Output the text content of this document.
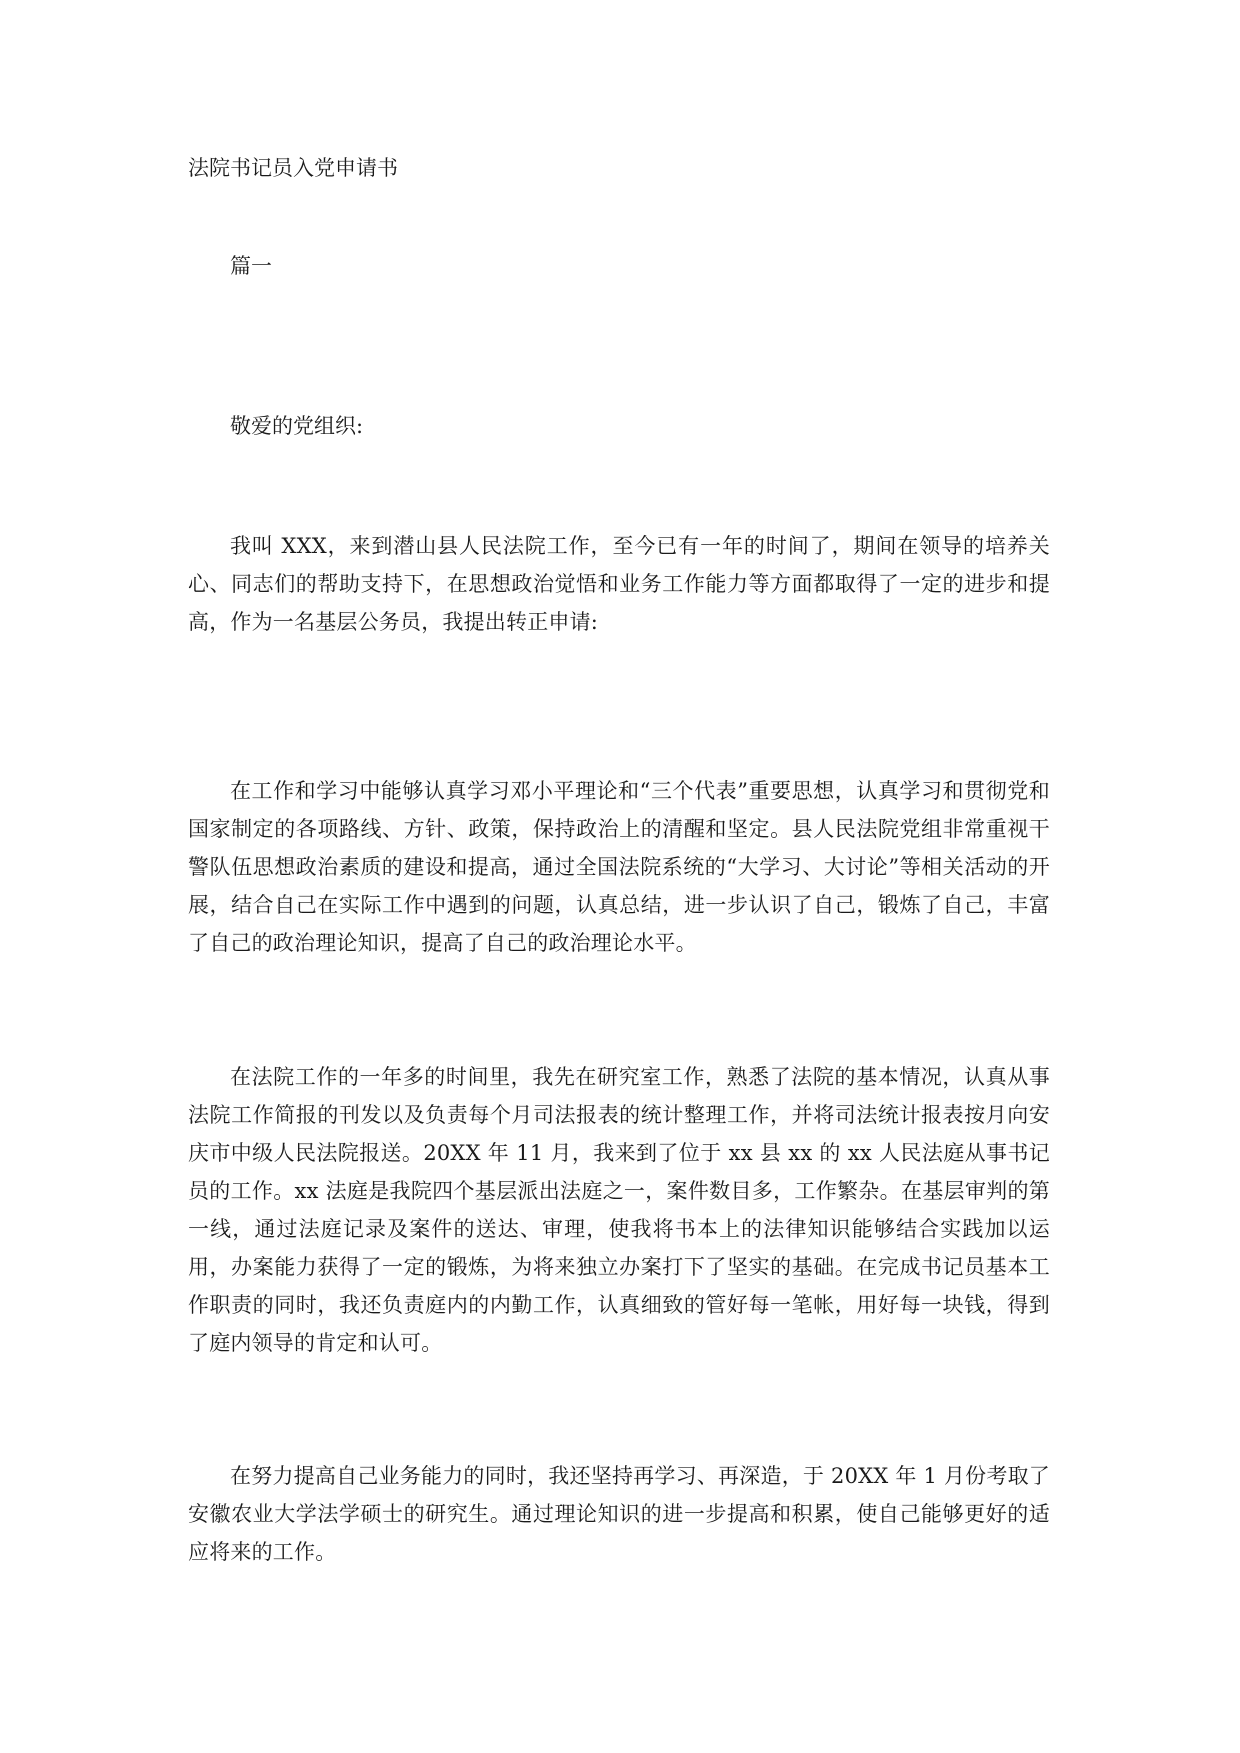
法院书记员入党申请书
篇一
敬爱的党组织:

我叫 XXX，来到潜山县人民法院工作，至今已有一年的时间了，期间在领导的培养关心、同志们的帮助支持下，在思想政治觉悟和业务工作能力等方面都取得了一定的进步和提高，作为一名基层公务员，我提出转正申请:

在工作和学习中能够认真学习邓小平理论和“三个代表”重要思想，认真学习和贯彻党和国家制定的各项路线、方针、政策，保持政治上的清醒和坚定。县人民法院党组非常重视干警队伍思想政治素质的建设和提高，通过全国法院系统的“大学习、大讨论”等相关活动的开展，结合自己在实际工作中遇到的问题，认真总结，进一步认识了自己，锻炼了自己，丰富了自己的政治理论知识，提高了自己的政治理论水平。

在法院工作的一年多的时间里，我先在研究室工作，熟悉了法院的基本情况，认真从事法院工作简报的刊发以及负责每个月司法报表的统计整理工作，并将司法统计报表按月向安庆市中级人民法院报送。20XX 年 11 月，我来到了位于 xx 县 xx 的 xx 人民法庭从事书记员的工作。xx 法庭是我院四个基层派出法庭之一，案件数目多，工作繁杂。在基层审判的第一线，通过法庭记录及案件的送达、审理，使我将书本上的法律知识能够结合实践加以运用，办案能力获得了一定的锻炼，为将来独立办案打下了坚实的基础。在完成书记员基本工作职责的同时，我还负责庭内的内勤工作，认真细致的管好每一笔帐，用好每一块钱，得到了庭内领导的肯定和认可。

在努力提高自己业务能力的同时，我还坚持再学习、再深造，于 20XX 年 1 月份考取了安徽农业大学法学硕士的研究生。通过理论知识的进一步提高和积累，使自己能够更好的适应将来的工作。
